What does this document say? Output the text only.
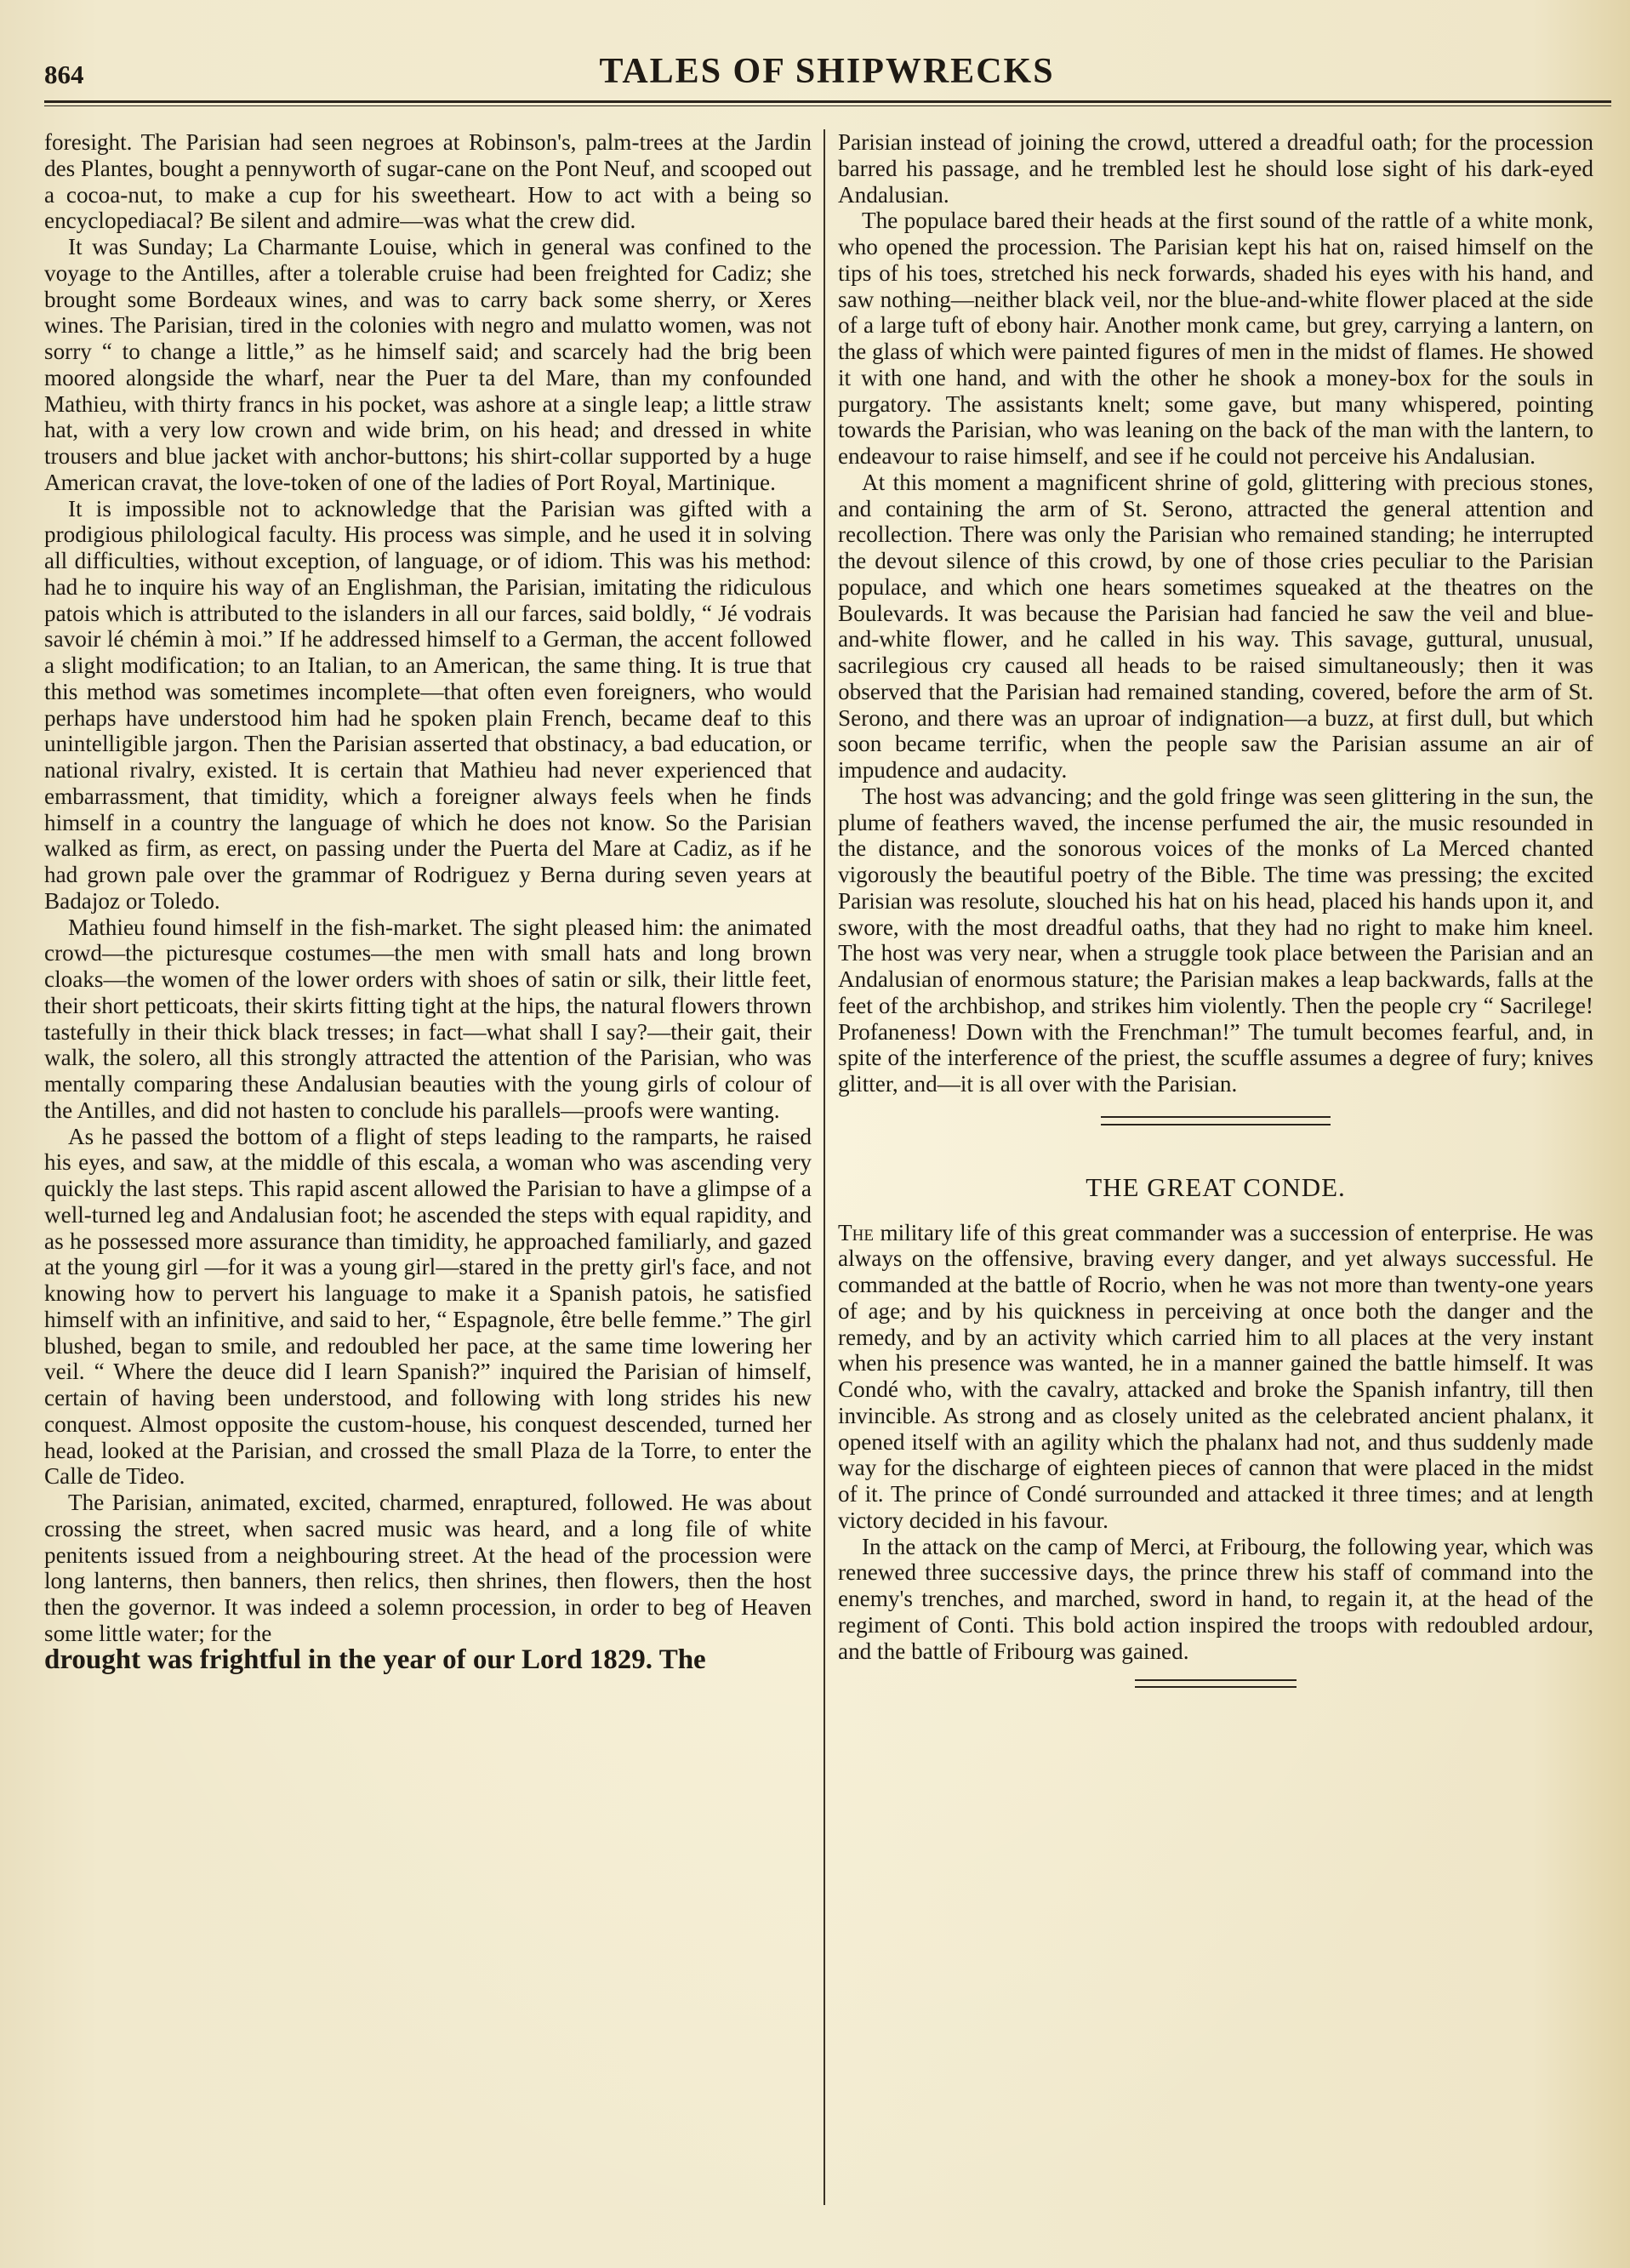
864	TALES OF SHIPWRECKS

foresight. The Parisian had seen negroes at Robinson's, palm-trees at the Jardin des Plantes, bought a pennyworth of sugar-cane on the Pont Neuf, and scooped out a cocoa-nut, to make a cup for his sweetheart. How to act with a being so encyclopediacal? Be silent and admire—was what the crew did.

It was Sunday; La Charmante Louise, which in general was confined to the voyage to the Antilles, after a tolerable cruise had been freighted for Cadiz; she brought some Bordeaux wines, and was to carry back some sherry, or Xeres wines. The Parisian, tired in the colonies with negro and mulatto women, was not sorry “ to change a little,” as he himself said; and scarcely had the brig been moored alongside the wharf, near the Puer ta del Mare, than my confounded Mathieu, with thirty francs in his pocket, was ashore at a single leap; a little straw hat, with a very low crown and wide brim, on his head; and dressed in white trousers and blue jacket with anchor-buttons; his shirt-collar supported by a huge American cravat, the love-token of one of the ladies of Port Royal, Martinique.

It is impossible not to acknowledge that the Parisian was gifted with a prodigious philological faculty. His process was simple, and he used it in solving all difficulties, without exception, of language, or of idiom. This was his method: had he to inquire his way of an Englishman, the Parisian, imitating the ridiculous patois which is attributed to the islanders in all our farces, said boldly, “ Jé vodrais savoir lé chémin à moi.” If he addressed himself to a German, the accent followed a slight modification; to an Italian, to an American, the same thing. It is true that this method was sometimes incomplete—that often even foreigners, who would perhaps have understood him had he spoken plain French, became deaf to this unintelligible jargon. Then the Parisian asserted that obstinacy, a bad education, or national rivalry, existed. It is certain that Mathieu had never experienced that embarrassment, that timidity, which a foreigner always feels when he finds himself in a country the language of which he does not know. So the Parisian walked as firm, as erect, on passing under the Puerta del Mare at Cadiz, as if he had grown pale over the grammar of Rodriguez y Berna during seven years at Badajoz or Toledo.

Mathieu found himself in the fish-market. The sight pleased him: the animated crowd—the picturesque costumes—the men with small hats and long brown cloaks—the women of the lower orders with shoes of satin or silk, their little feet, their short petticoats, their skirts fitting tight at the hips, the natural flowers thrown tastefully in their thick black tresses; in fact—what shall I say?—their gait, their walk, the solero, all this strongly attracted the attention of the Parisian, who was mentally comparing these Andalusian beauties with the young girls of colour of the Antilles, and did not hasten to conclude his parallels—proofs were wanting.

As he passed the bottom of a flight of steps leading to the ramparts, he raised his eyes, and saw, at the middle of this escala, a woman who was ascending very quickly the last steps. This rapid ascent allowed the Parisian to have a glimpse of a well-turned leg and Andalusian foot; he ascended the steps with equal rapidity, and as he possessed more assurance than timidity, he approached familiarly, and gazed at the young girl —for it was a young girl—stared in the pretty girl's face, and not knowing how to pervert his language to make it a Spanish patois, he satisfied himself with an infinitive, and said to her, “ Espagnole, être belle femme.” The girl blushed, began to smile, and redoubled her pace, at the same time lowering her veil. “ Where the deuce did I learn Spanish?” inquired the Parisian of himself, certain of having been understood, and following with long strides his new conquest. Almost opposite the custom-house, his conquest descended, turned her head, looked at the Parisian, and crossed the small Plaza de la Torre, to enter the Calle de Tideo.

The Parisian, animated, excited, charmed, enraptured, followed. He was about crossing the street, when sacred music was heard, and a long file of white penitents issued from a neighbouring street. At the head of the procession were long lanterns, then banners, then relics, then shrines, then flowers, then the host then the governor. It was indeed a solemn procession, in order to beg of Heaven some little water; for the

drought was frightful in the year of our Lord 1829. The

Parisian instead of joining the crowd, uttered a dreadful oath; for the procession barred his passage, and he trembled lest he should lose sight of his dark-eyed Andalusian.

The populace bared their heads at the first sound of the rattle of a white monk, who opened the procession. The Parisian kept his hat on, raised himself on the tips of his toes, stretched his neck forwards, shaded his eyes with his hand, and saw nothing—neither black veil, nor the blue-and-white flower placed at the side of a large tuft of ebony hair. Another monk came, but grey, carrying a lantern, on the glass of which were painted figures of men in the midst of flames. He showed it with one hand, and with the other he shook a money-box for the souls in purgatory. The assistants knelt; some gave, but many whispered, pointing towards the Parisian, who was leaning on the back of the man with the lantern, to endeavour to raise himself, and see if he could not perceive his Andalusian.

At this moment a magnificent shrine of gold, glittering with precious stones, and containing the arm of St. Serono, attracted the general attention and recollection. There was only the Parisian who remained standing; he interrupted the devout silence of this crowd, by one of those cries peculiar to the Parisian populace, and which one hears sometimes squeaked at the theatres on the Boulevards. It was because the Parisian had fancied he saw the veil and blue-and-white flower, and he called in his way. This savage, guttural, unusual, sacrilegious cry caused all heads to be raised simultaneously; then it was observed that the Parisian had remained standing, covered, before the arm of St. Serono, and there was an uproar of indignation—a buzz, at first dull, but which soon became terrific, when the people saw the Parisian assume an air of impudence and audacity.

The host was advancing; and the gold fringe was seen glittering in the sun, the plume of feathers waved, the incense perfumed the air, the music resounded in the distance, and the sonorous voices of the monks of La Merced chanted vigorously the beautiful poetry of the Bible. The time was pressing; the excited Parisian was resolute, slouched his hat on his head, placed his hands upon it, and swore, with the most dreadful oaths, that they had no right to make him kneel. The host was very near, when a struggle took place between the Parisian and an Andalusian of enormous stature; the Parisian makes a leap backwards, falls at the feet of the archbishop, and strikes him violently. Then the people cry “ Sacrilege! Profaneness! Down with the Frenchman!” The tumult becomes fearful, and, in spite of the interference of the priest, the scuffle assumes a degree of fury; knives glitter, and—it is all over with the Parisian.

THE GREAT CONDE.

The military life of this great commander was a succession of enterprise. He was always on the offensive, braving every danger, and yet always successful. He commanded at the battle of Rocrio, when he was not more than twenty-one years of age; and by his quickness in perceiving at once both the danger and the remedy, and by an activity which carried him to all places at the very instant when his presence was wanted, he in a manner gained the battle himself. It was Condé who, with the cavalry, attacked and broke the Spanish infantry, till then invincible. As strong and as closely united as the celebrated ancient phalanx, it opened itself with an agility which the phalanx had not, and thus suddenly made way for the discharge of eighteen pieces of cannon that were placed in the midst of it. The prince of Condé surrounded and attacked it three times; and at length victory decided in his favour.

In the attack on the camp of Merci, at Fribourg, the following year, which was renewed three successive days, the prince threw his staff of command into the enemy's trenches, and marched, sword in hand, to regain it, at the head of the regiment of Conti. This bold action inspired the troops with redoubled ardour, and the battle of Fribourg was gained.
